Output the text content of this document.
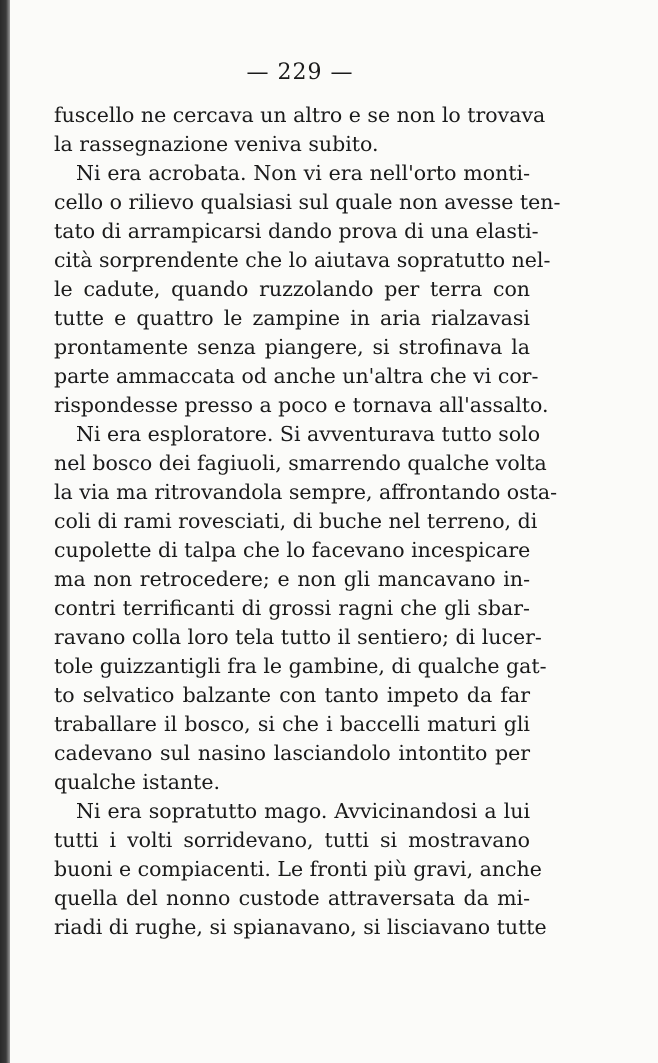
— 229 —
fuscello ne cercava un altro e se non lo trovava
la rassegnazione veniva subito.
Ni era acrobata. Non vi era nell'orto monti-
cello o rilievo qualsiasi sul quale non avesse ten-
tato di arrampicarsi dando prova di una elasti-
cità sorprendente che lo aiutava sopratutto nel-
le cadute, quando ruzzolando per terra con
tutte e quattro le zampine in aria rialzavasi
prontamente senza piangere, si strofinava la
parte ammaccata od anche un'altra che vi cor-
rispondesse presso a poco e tornava all'assalto.
Ni era esploratore. Si avventurava tutto solo
nel bosco dei fagiuoli, smarrendo qualche volta
la via ma ritrovandola sempre, affrontando osta-
coli di rami rovesciati, di buche nel terreno, di
cupolette di talpa che lo facevano incespicare
ma non retrocedere; e non gli mancavano in-
contri terrificanti di grossi ragni che gli sbar-
ravano colla loro tela tutto il sentiero; di lucer-
tole guizzantigli fra le gambine, di qualche gat-
to selvatico balzante con tanto impeto da far
traballare il bosco, si che i baccelli maturi gli
cadevano sul nasino lasciandolo intontito per
qualche istante.
Ni era sopratutto mago. Avvicinandosi a lui
tutti i volti sorridevano, tutti si mostravano
buoni e compiacenti. Le fronti più gravi, anche
quella del nonno custode attraversata da mi-
riadi di rughe, si spianavano, si lisciavano tutte
